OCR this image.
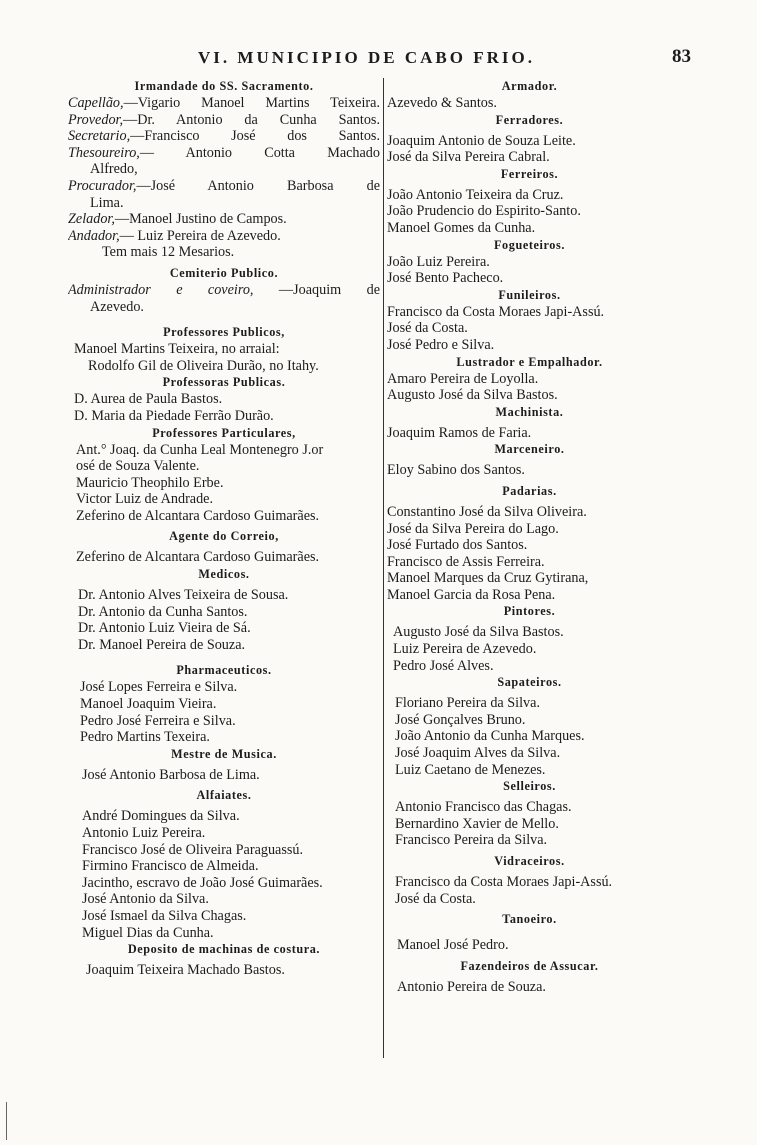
VI. MUNICIPIO DE CABO FRIO.	83
Irmandade do SS. Sacramento.
Capellão,—Vigario Manoel Martins Teixeira.
Provedor,—Dr. Antonio da Cunha Santos.
Secretario,—Francisco José dos Santos.
Thesoureiro,— Antonio Cotta Machado
Alfredo,
Procurador,—José Antonio Barbosa de
Lima.
Zelador,—Manoel Justino de Campos.
Andador,— Luiz Pereira de Azevedo.
Tem mais 12 Mesarios.
Cemiterio Publico.
Administrador e coveiro, —Joaquim de
Azevedo.
Professores Publicos,
Manoel Martins Teixeira, no arraial:
Rodolfo Gil de Oliveira Durão, no Itahy.
Professoras Publicas.
D. Aurea de Paula Bastos.
D. Maria da Piedade Ferrão Durão.
Professores Particulares,
Ant.° Joaq. da Cunha Leal Montenegro J.or
osé de Souza Valente.
Mauricio Theophilo Erbe.
Victor Luiz de Andrade.
Zeferino de Alcantara Cardoso Guimarães.
Agente do Correio,
Zeferino de Alcantara Cardoso Guimarães.
Medicos.
Dr. Antonio Alves Teixeira de Sousa.
Dr. Antonio da Cunha Santos.
Dr. Antonio Luiz Vieira de Sá.
Dr. Manoel Pereira de Souza.
Pharmaceuticos.
José Lopes Ferreira e Silva.
Manoel Joaquim Vieira.
Pedro José Ferreira e Silva.
Pedro Martins Texeira.
Mestre de Musica.
José Antonio Barbosa de Lima.
Alfaiates.
André Domingues da Silva.
Antonio Luiz Pereira.
Francisco José de Oliveira Paraguassú.
Firmino Francisco de Almeida.
Jacintho, escravo de João José Guimarães.
José Antonio da Silva.
José Ismael da Silva Chagas.
Miguel Dias da Cunha.
Deposito de machinas de costura.
Joaquim Teixeira Machado Bastos.
Armador.
Azevedo & Santos.
Ferradores.
Joaquim Antonio de Souza Leite.
José da Silva Pereira Cabral.
Ferreiros.
João Antonio Teixeira da Cruz.
João Prudencio do Espirito-Santo.
Manoel Gomes da Cunha.
Fogueteiros.
João Luiz Pereira.
José Bento Pacheco.
Funileiros.
Francisco da Costa Moraes Japi-Assú.
José da Costa.
José Pedro e Silva.
Lustrador e Empalhador.
Amaro Pereira de Loyolla.
Augusto José da Silva Bastos.
Machinista.
Joaquim Ramos de Faria.
Marceneiro.
Eloy Sabino dos Santos.
Padarias.
Constantino José da Silva Oliveira.
José da Silva Pereira do Lago.
José Furtado dos Santos.
Francisco de Assis Ferreira.
Manoel Marques da Cruz Gytirana,
Manoel Garcia da Rosa Pena.
Pintores.
Augusto José da Silva Bastos.
Luiz Pereira de Azevedo.
Pedro José Alves.
Sapateiros.
Floriano Pereira da Silva.
José Gonçalves Bruno.
João Antonio da Cunha Marques.
José Joaquim Alves da Silva.
Luiz Caetano de Menezes.
Selleiros.
Antonio Francisco das Chagas.
Bernardino Xavier de Mello.
Francisco Pereira da Silva.
Vidraceiros.
Francisco da Costa Moraes Japi-Assú.
José da Costa.
Tanoeiro.
Manoel José Pedro.
Fazendeiros de Assucar.
Antonio Pereira de Souza.
